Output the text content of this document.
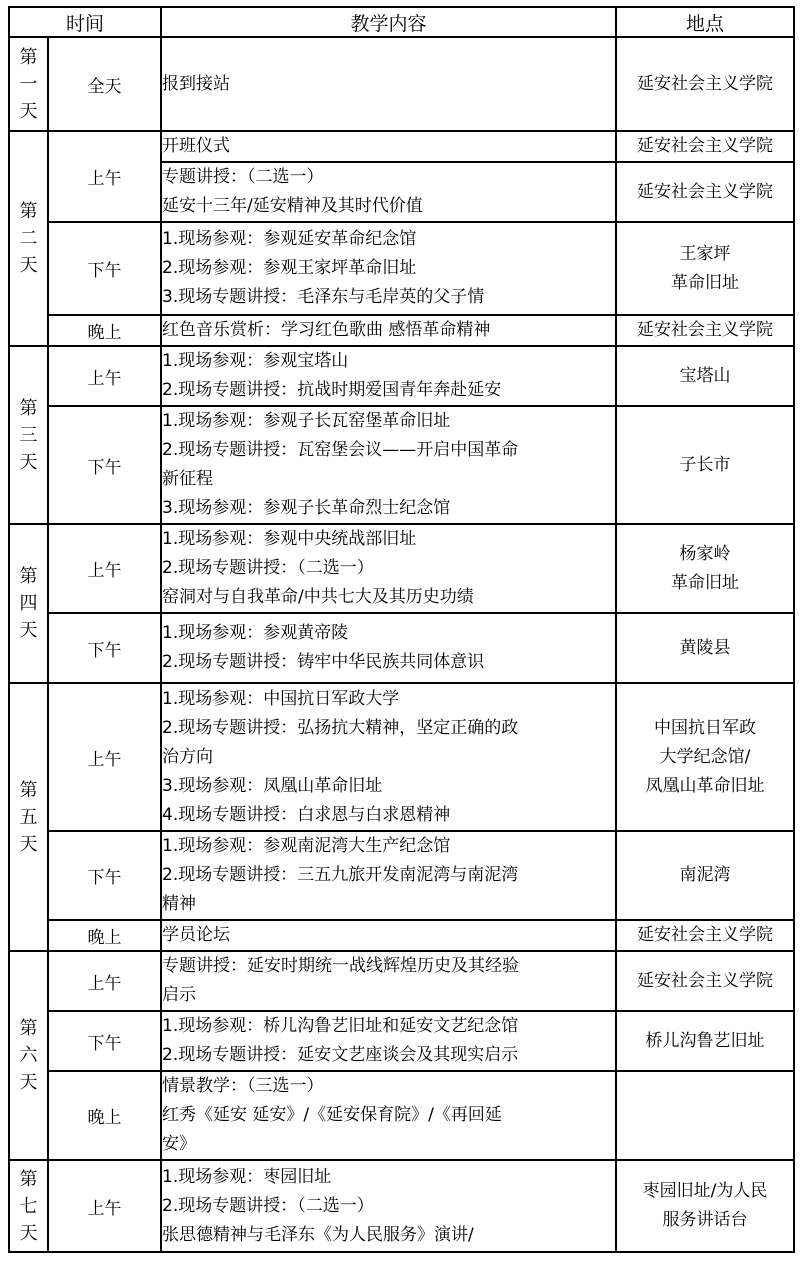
时间		教学内容	地点

第
一
天	全天	报到接站	延安社会主义学院

第
二
天	上午	开班仪式	延安社会主义学院

		专题讲授：（二选一）
延安十三年/延安精神及其时代价值	延安社会主义学院

	下午	1.现场参观：参观延安革命纪念馆
2.现场参观：参观王家坪革命旧址
3.现场专题讲授：毛泽东与毛岸英的父子情	王家坪
革命旧址

	晚上	红色音乐赏析：学习红色歌曲 感悟革命精神	延安社会主义学院

第
三
天	上午	1.现场参观：参观宝塔山
2.现场专题讲授：抗战时期爱国青年奔赴延安	宝塔山

	下午	1.现场参观：参观子长瓦窑堡革命旧址
2.现场专题讲授：瓦窑堡会议——开启中国革命
新征程
3.现场参观：参观子长革命烈士纪念馆	子长市

第
四
天	上午	1.现场参观：参观中央统战部旧址
2.现场专题讲授：（二选一）
窑洞对与自我革命/中共七大及其历史功绩	杨家岭
革命旧址

	下午	1.现场参观：参观黄帝陵
2.现场专题讲授：铸牢中华民族共同体意识	黄陵县

第
五
天	上午	1.现场参观：中国抗日军政大学
2.现场专题讲授：弘扬抗大精神，坚定正确的政
治方向
3.现场参观：凤凰山革命旧址
4.现场专题讲授：白求恩与白求恩精神	中国抗日军政
大学纪念馆/
凤凰山革命旧址

	下午	1.现场参观：参观南泥湾大生产纪念馆
2.现场专题讲授：三五九旅开发南泥湾与南泥湾
精神	南泥湾

	晚上	学员论坛	延安社会主义学院

第
六
天	上午	专题讲授：延安时期统一战线辉煌历史及其经验
启示	延安社会主义学院

	下午	1.现场参观：桥儿沟鲁艺旧址和延安文艺纪念馆
2.现场专题讲授：延安文艺座谈会及其现实启示	桥儿沟鲁艺旧址

	晚上	情景教学：（三选一）
红秀《延安 延安》/《延安保育院》/《再回延
安》	

第
七
天	上午	1.现场参观：枣园旧址
2.现场专题讲授：（二选一）
张思德精神与毛泽东《为人民服务》演讲/	枣园旧址/为人民
服务讲话台
